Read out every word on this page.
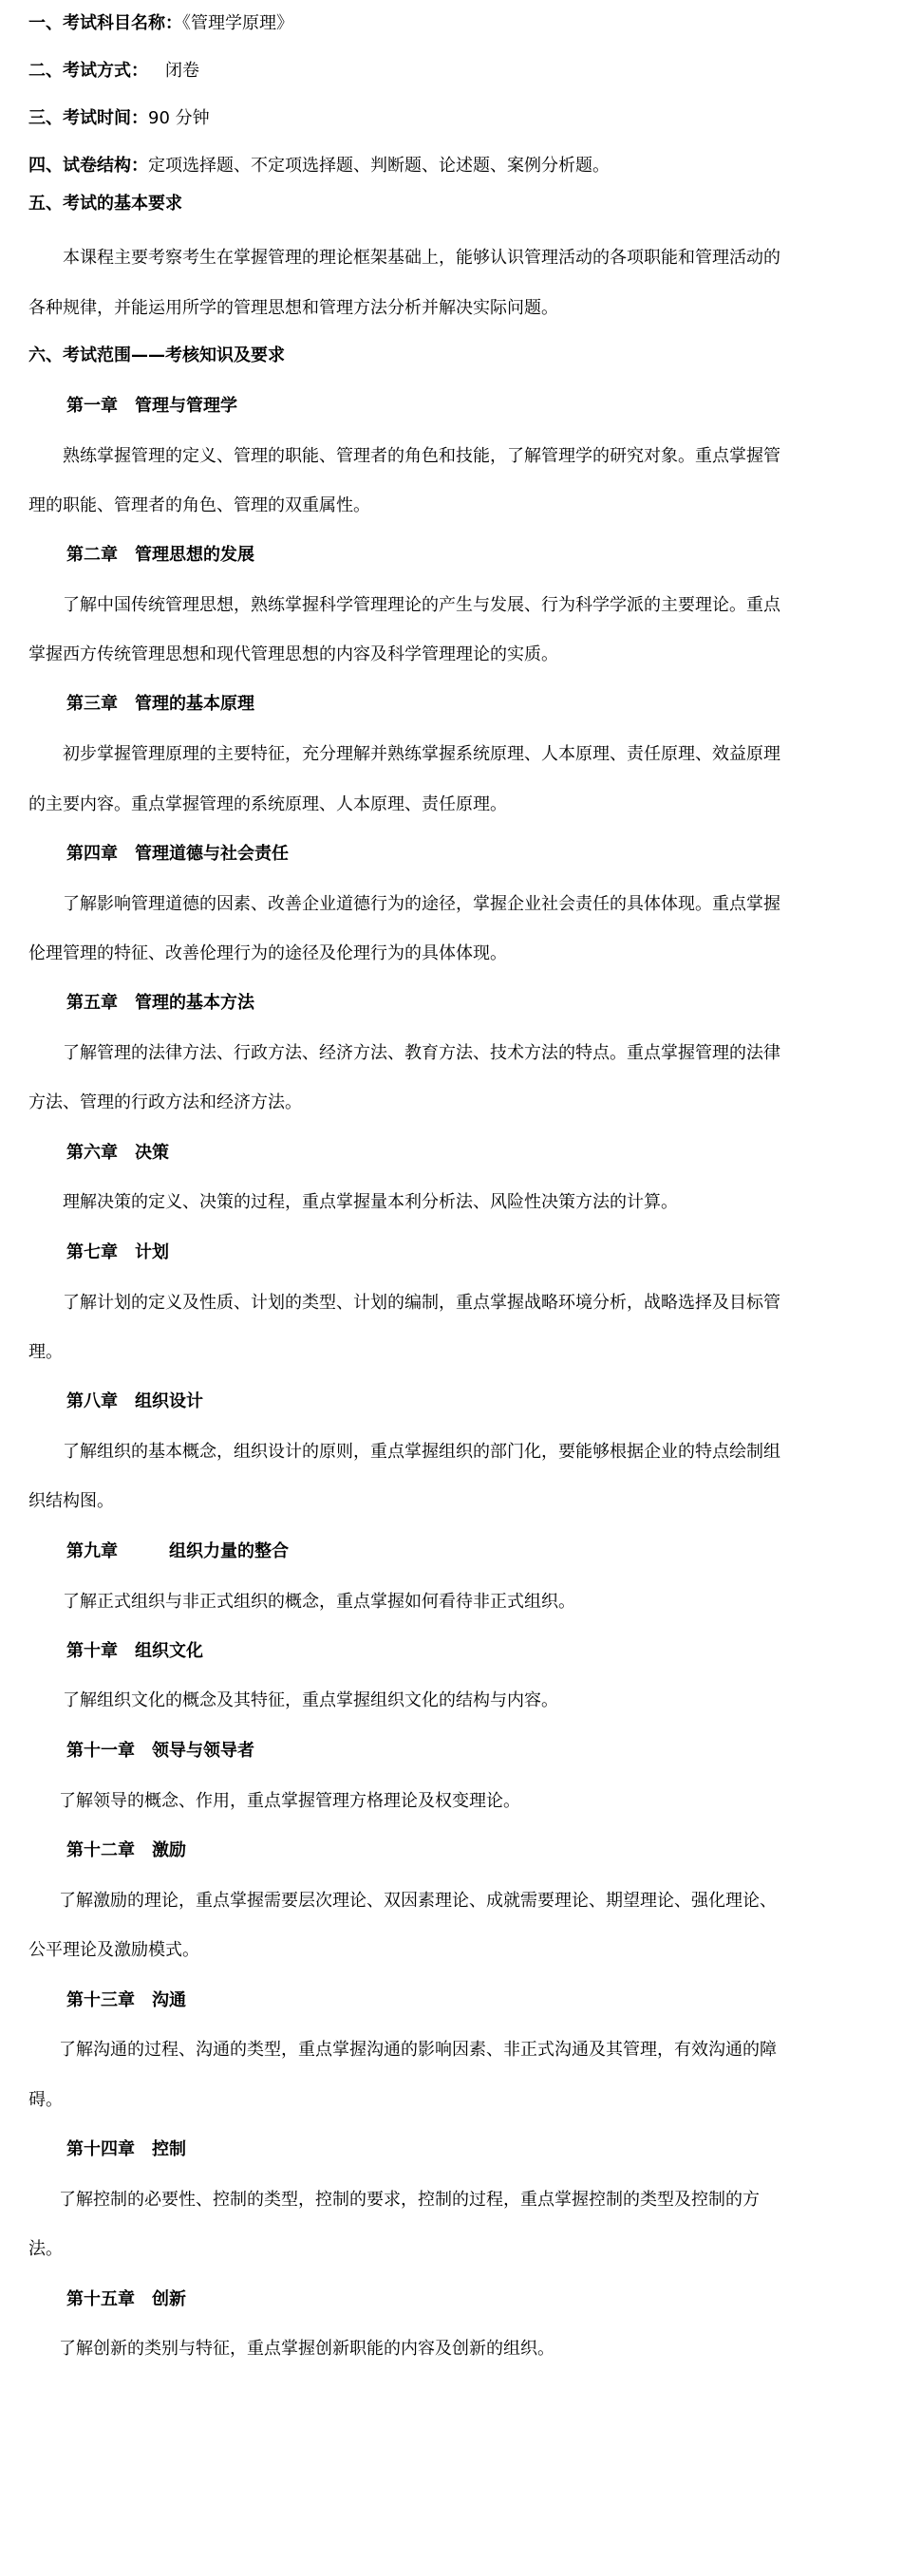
一、考试科目名称：《管理学原理》
二、考试方式： 闭卷
三、考试时间：90 分钟
四、试卷结构：定项选择题、不定项选择题、判断题、论述题、案例分析题。
五、考试的基本要求
本课程主要考察考生在掌握管理的理论框架基础上，能够认识管理活动的各项职能和管理活动的
各种规律，并能运用所学的管理思想和管理方法分析并解决实际问题。
六、考试范围——考核知识及要求
第一章　管理与管理学
熟练掌握管理的定义、管理的职能、管理者的角色和技能，了解管理学的研究对象。重点掌握管
理的职能、管理者的角色、管理的双重属性。
第二章　管理思想的发展
了解中国传统管理思想，熟练掌握科学管理理论的产生与发展、行为科学学派的主要理论。重点
掌握西方传统管理思想和现代管理思想的内容及科学管理理论的实质。
第三章　管理的基本原理
初步掌握管理原理的主要特征，充分理解并熟练掌握系统原理、人本原理、责任原理、效益原理
的主要内容。重点掌握管理的系统原理、人本原理、责任原理。
第四章　管理道德与社会责任
了解影响管理道德的因素、改善企业道德行为的途径，掌握企业社会责任的具体体现。重点掌握
伦理管理的特征、改善伦理行为的途径及伦理行为的具体体现。
第五章　管理的基本方法
了解管理的法律方法、行政方法、经济方法、教育方法、技术方法的特点。重点掌握管理的法律
方法、管理的行政方法和经济方法。
第六章　决策
理解决策的定义、决策的过程，重点掌握量本利分析法、风险性决策方法的计算。
第七章　计划
了解计划的定义及性质、计划的类型、计划的编制，重点掌握战略环境分析，战略选择及目标管
理。
第八章　组织设计
了解组织的基本概念，组织设计的原则，重点掌握组织的部门化，要能够根据企业的特点绘制组
织结构图。
第九章　　　组织力量的整合
了解正式组织与非正式组织的概念，重点掌握如何看待非正式组织。
第十章　组织文化
了解组织文化的概念及其特征，重点掌握组织文化的结构与内容。
第十一章　领导与领导者
了解领导的概念、作用，重点掌握管理方格理论及权变理论。
第十二章　激励
了解激励的理论，重点掌握需要层次理论、双因素理论、成就需要理论、期望理论、强化理论、
公平理论及激励模式。
第十三章　沟通
了解沟通的过程、沟通的类型，重点掌握沟通的影响因素、非正式沟通及其管理，有效沟通的障
碍。
第十四章　控制
了解控制的必要性、控制的类型，控制的要求，控制的过程，重点掌握控制的类型及控制的方
法。
第十五章　创新
了解创新的类别与特征，重点掌握创新职能的内容及创新的组织。
